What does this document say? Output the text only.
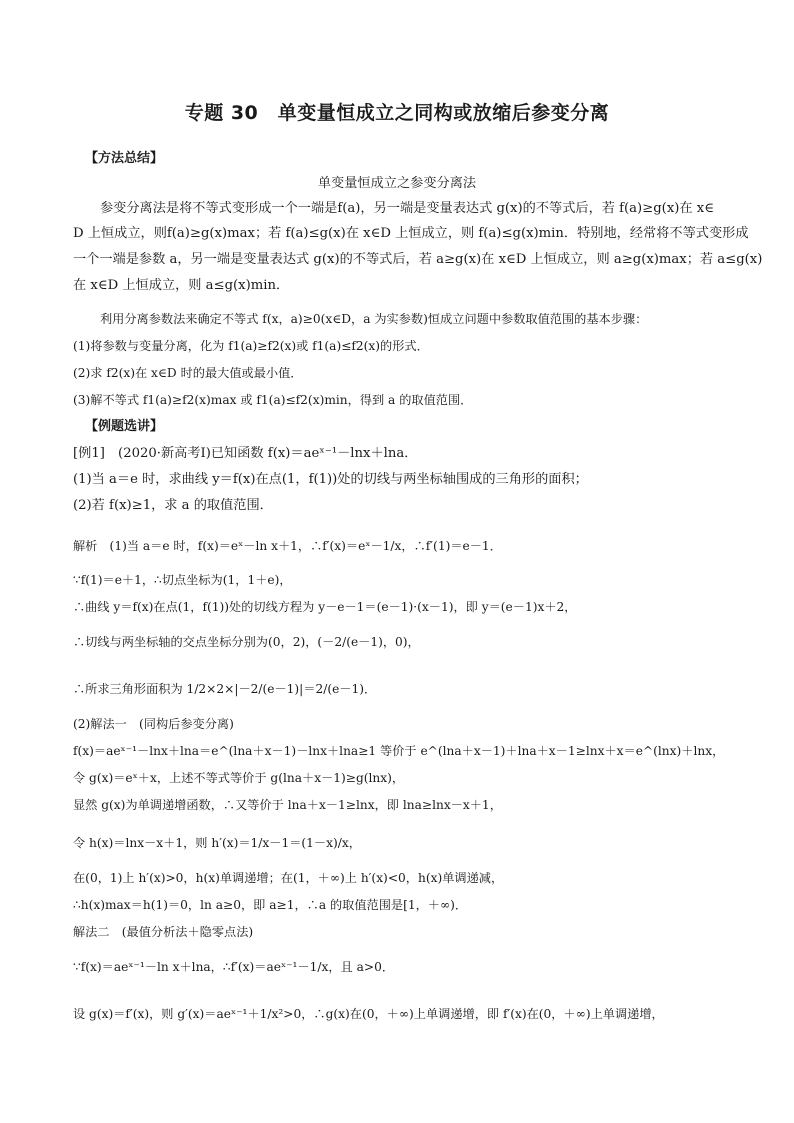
专题 30　单变量恒成立之同构或放缩后参变分离
【方法总结】
单变量恒成立之参变分离法
参变分离法是将不等式变形成一个一端是f(a)，另一端是变量表达式 g(x)的不等式后，若 f(a)≥g(x)在 x∈
D 上恒成立，则f(a)≥g(x)max；若 f(a)≤g(x)在 x∈D 上恒成立，则 f(a)≤g(x)min．特别地，经常将不等式变形成
一个一端是参数 a，另一端是变量表达式 g(x)的不等式后，若 a≥g(x)在 x∈D 上恒成立，则 a≥g(x)max；若 a≤g(x)
在 x∈D 上恒成立，则 a≤g(x)min．
利用分离参数法来确定不等式 f(x，a)≥0(x∈D，a 为实参数)恒成立问题中参数取值范围的基本步骤：
(1)将参数与变量分离，化为 f1(a)≥f2(x)或 f1(a)≤f2(x)的形式．
(2)求 f2(x)在 x∈D 时的最大值或最小值．
(3)解不等式 f1(a)≥f2(x)max 或 f1(a)≤f2(x)min，得到 a 的取值范围．
【例题选讲】
[例1]　(2020·新高考Ⅰ)已知函数 f(x)＝aeˣ⁻¹－lnx＋lna．
(1)当 a＝e 时，求曲线 y＝f(x)在点(1，f(1))处的切线与两坐标轴围成的三角形的面积；
(2)若 f(x)≥1，求 a 的取值范围．
解析　(1)当 a＝e 时，f(x)＝eˣ－ln x＋1，∴f′(x)＝eˣ－1/x，∴f′(1)＝e－1．
∵f(1)＝e＋1，∴切点坐标为(1，1＋e)，
∴曲线 y＝f(x)在点(1，f(1))处的切线方程为 y－e－1＝(e－1)·(x－1)，即 y＝(e－1)x＋2，
∴切线与两坐标轴的交点坐标分别为(0，2)，(－2/(e－1)，0)，
∴所求三角形面积为 1/2×2×|－2/(e－1)|＝2/(e－1)．
(2)解法一　(同构后参变分离)
f(x)＝aeˣ⁻¹－lnx＋lna＝e^(lna＋x－1)－lnx＋lna≥1 等价于 e^(lna＋x－1)＋lna＋x－1≥lnx＋x＝e^(lnx)＋lnx，
令 g(x)＝eˣ＋x，上述不等式等价于 g(lna＋x－1)≥g(lnx)，
显然 g(x)为单调递增函数，∴又等价于 lna＋x－1≥lnx，即 lna≥lnx－x＋1，
令 h(x)＝lnx－x＋1，则 h′(x)＝1/x－1＝(1－x)/x，
在(0，1)上 h′(x)>0，h(x)单调递增；在(1，＋∞)上 h′(x)<0，h(x)单调递减，
∴h(x)max＝h(1)＝0，ln a≥0，即 a≥1，∴a 的取值范围是[1，＋∞)．
解法二　(最值分析法＋隐零点法)
∵f(x)＝aeˣ⁻¹－ln x＋lna，∴f′(x)＝aeˣ⁻¹－1/x，且 a>0．
设 g(x)＝f′(x)，则 g′(x)＝aeˣ⁻¹＋1/x²>0，∴g(x)在(0，＋∞)上单调递增，即 f′(x)在(0，＋∞)上单调递增，
